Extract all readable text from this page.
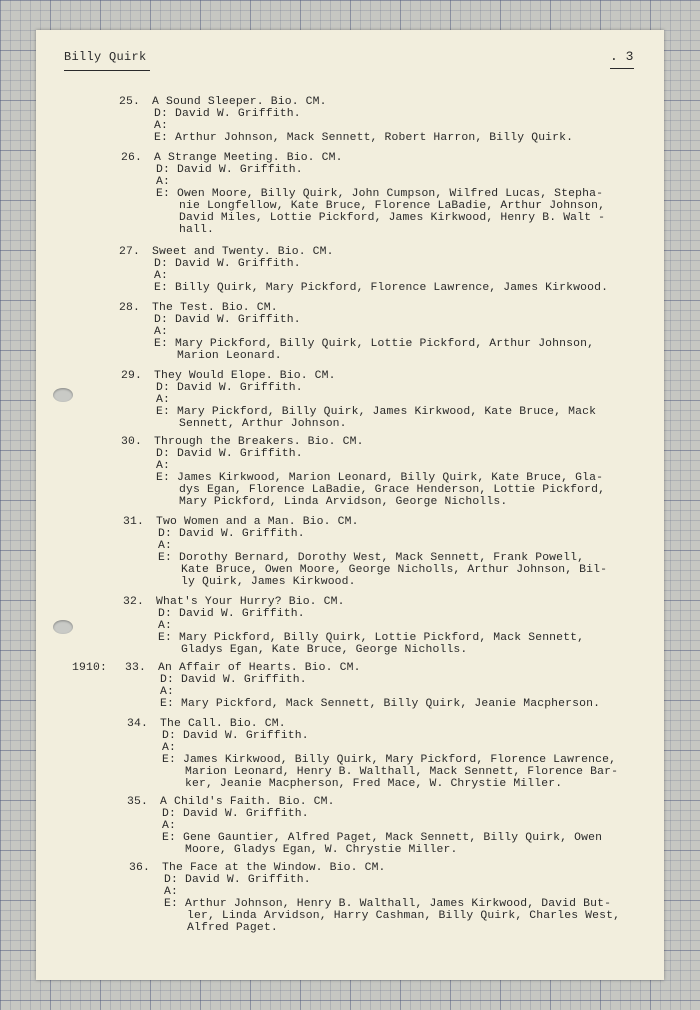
Billy Quirk	. 3
25. A Sound Sleeper. Bio. CM.
D: David W. Griffith.
A:
E: Arthur Johnson, Mack Sennett, Robert Harron, Billy Quirk.
26. A Strange Meeting. Bio. CM.
D: David W. Griffith.
A:
E: Owen Moore, Billy Quirk, John Cumpson, Wilfred Lucas, Stepha-
nie Longfellow, Kate Bruce, Florence LaBadie, Arthur Johnson,
David Miles, Lottie Pickford, James Kirkwood, Henry B. Walt -
hall.
27. Sweet and Twenty. Bio. CM.
D: David W. Griffith.
A:
E: Billy Quirk, Mary Pickford, Florence Lawrence, James Kirkwood.
28. The Test. Bio. CM.
D: David W. Griffith.
A:
E: Mary Pickford, Billy Quirk, Lottie Pickford, Arthur Johnson,
Marion Leonard.
29. They Would Elope. Bio. CM.
D: David W. Griffith.
A:
E: Mary Pickford, Billy Quirk, James Kirkwood, Kate Bruce, Mack
Sennett, Arthur Johnson.
30. Through the Breakers. Bio. CM.
D: David W. Griffith.
A:
E: James Kirkwood, Marion Leonard, Billy Quirk, Kate Bruce, Gla-
dys Egan, Florence LaBadie, Grace Henderson, Lottie Pickford,
Mary Pickford, Linda Arvidson, George Nicholls.
31. Two Women and a Man. Bio. CM.
D: David W. Griffith.
A:
E: Dorothy Bernard, Dorothy West, Mack Sennett, Frank Powell,
Kate Bruce, Owen Moore, George Nicholls, Arthur Johnson, Bil-
ly Quirk, James Kirkwood.
32. What's Your Hurry? Bio. CM.
D: David W. Griffith.
A:
E: Mary Pickford, Billy Quirk, Lottie Pickford, Mack Sennett,
Gladys Egan, Kate Bruce, George Nicholls.
1910: 33. An Affair of Hearts. Bio. CM.
D: David W. Griffith.
A:
E: Mary Pickford, Mack Sennett, Billy Quirk, Jeanie Macpherson.
34. The Call. Bio. CM.
D: David W. Griffith.
A:
E: James Kirkwood, Billy Quirk, Mary Pickford, Florence Lawrence,
Marion Leonard, Henry B. Walthall, Mack Sennett, Florence Bar-
ker, Jeanie Macpherson, Fred Mace, W. Chrystie Miller.
35. A Child's Faith. Bio. CM.
D: David W. Griffith.
A:
E: Gene Gauntier, Alfred Paget, Mack Sennett, Billy Quirk, Owen
Moore, Gladys Egan, W. Chrystie Miller.
36. The Face at the Window. Bio. CM.
D: David W. Griffith.
A:
E: Arthur Johnson, Henry B. Walthall, James Kirkwood, David But-
ler, Linda Arvidson, Harry Cashman, Billy Quirk, Charles West,
Alfred Paget.
